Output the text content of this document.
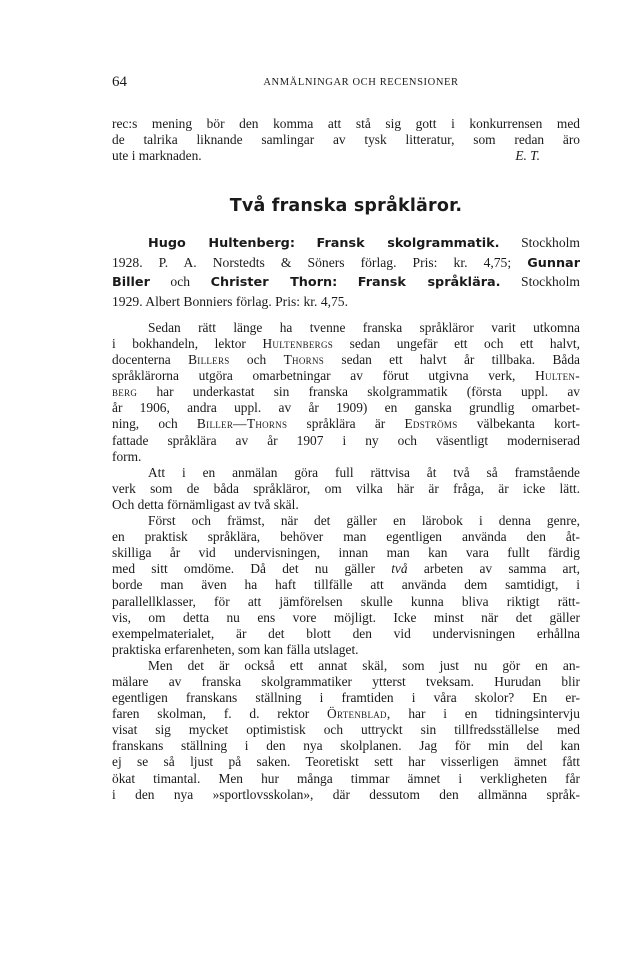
64	ANMÄLNINGAR OCH RECENSIONER
rec:s mening bör den komma att stå sig gott i konkurrensen med
de talrika liknande samlingar av tysk litteratur, som redan äro
ute i marknaden.	E. T.
Två franska språkläror.
Hugo Hultenberg: Fransk skolgrammatik. Stockholm
1928. P. A. Norstedts & Söners förlag. Pris: kr. 4,75; Gunnar
Biller och Christer Thorn: Fransk språklära. Stockholm
1929. Albert Bonniers förlag. Pris: kr. 4,75.
Sedan rätt länge ha tvenne franska språkläror varit utkomna
i bokhandeln, lektor Hultenbergs sedan ungefär ett och ett halvt,
docenterna Billers och Thorns sedan ett halvt år tillbaka. Båda
språklärorna utgöra omarbetningar av förut utgivna verk, Hulten-
berg har underkastat sin franska skolgrammatik (första uppl. av
år 1906, andra uppl. av år 1909) en ganska grundlig omarbet-
ning, och Biller—Thorns språklära är Edströms välbekanta kort-
fattade språklära av år 1907 i ny och väsentligt moderniserad
form.
Att i en anmälan göra full rättvisa åt två så framstående
verk som de båda språkläror, om vilka här är fråga, är icke lätt.
Och detta förnämligast av två skäl.
Först och främst, när det gäller en lärobok i denna genre,
en praktisk språklära, behöver man egentligen använda den åt-
skilliga år vid undervisningen, innan man kan vara fullt färdig
med sitt omdöme. Då det nu gäller två arbeten av samma art,
borde man även ha haft tillfälle att använda dem samtidigt, i
parallellklasser, för att jämförelsen skulle kunna bliva riktigt rätt-
vis, om detta nu ens vore möjligt. Icke minst när det gäller
exempelmaterialet, är det blott den vid undervisningen erhållna
praktiska erfarenheten, som kan fälla utslaget.
Men det är också ett annat skäl, som just nu gör en an-
mälare av franska skolgrammatiker ytterst tveksam. Hurudan blir
egentligen franskans ställning i framtiden i våra skolor? En er-
faren skolman, f. d. rektor Örtenblad, har i en tidningsintervju
visat sig mycket optimistisk och uttryckt sin tillfredsställelse med
franskans ställning i den nya skolplanen. Jag för min del kan
ej se så ljust på saken. Teoretiskt sett har visserligen ämnet fått
ökat timantal. Men hur många timmar ämnet i verkligheten får
i den nya »sportlovsskolan», där dessutom den allmänna språk-
